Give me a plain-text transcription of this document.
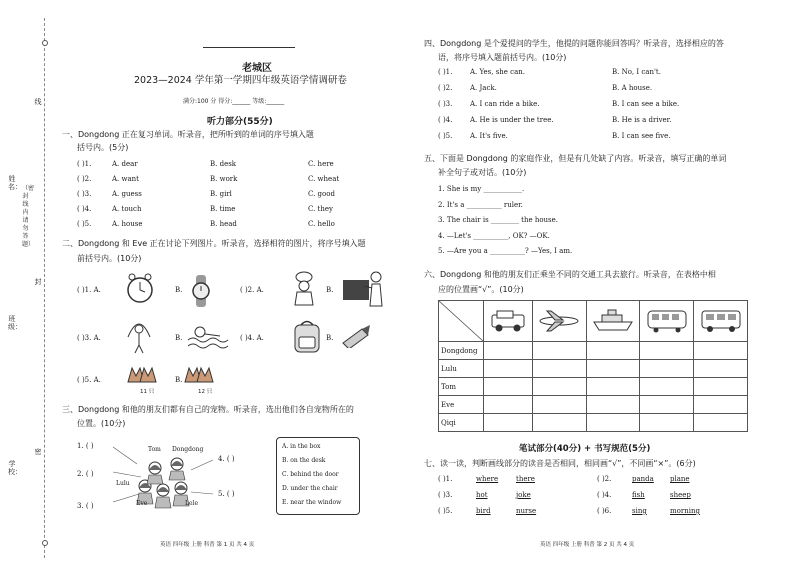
姓名：
班级：
学校：
（密封线内请勿答题）
线
封
密
老城区
2023—2024 学年第一学期四年级英语学情调研卷
满分:100 分 得分:______ 等级:______
听力部分(55分)
一、Dongdong 正在复习单词。听录音，把所听到的单词的序号填入题
括号内。(5分)
二、Dongdong 和 Eve 正在讨论下列图片。听录音，选择相符的图片，将序号填入题
前括号内。(10分)
( )1. A.	B.	( )2. A.	B.
( )3. A.	B.	( )4. A.	B.
( )5. A.
11 只
B.
12 只
三、Dongdong 和他的朋友们都有自己的宠物。听录音，选出他们各自宠物所在的
位置。(10分)
1. ( )
2. ( )
3. ( )
4. ( )
5. ( )
Tom Dongdong
Lulu
Eve	Lele
A. in the box
B. on the desk
C. behind the door
D. under the chair
E. near the window
英语 四年级 上册 科普 第 1 页 共 4 页
四、Dongdong 是个爱提问的学生，他提的问题你能回答吗？听录音，选择相应的答
语，将序号填入题前括号内。(10分)
五、下面是 Dongdong 的家庭作业，但是有几处缺了内容。听录音，填写正确的单词
补全句子或对话。(10分)
六、Dongdong 和他的朋友们正乘坐不同的交通工具去旅行。听录音，在表格中相
应的位置画“√”。(10分)

Dongdong					
Lulu					
Tom					
Eve					
Qiqi					
笔试部分(40分) + 书写规范(5分)
七、读一读，判断画线部分的读音是否相同，相同画“√”，不同画“×”。(6分)
英语 四年级 上册 科普 第 2 页 共 4 页
( )1.	A. dear	B. desk	C. here
( )2.	A. want	B. work	C. wheat
( )3.	A. guess	B. girl	C. good
( )4.	A. touch	B. time	C. they
( )5.	A. house	B. head	C. hello
( )1.	A. Yes, she can.	B. No, I can't.
( )2.	A. Jack.	B. A house.
( )3.	A. I can ride a bike.	B. I can see a bike.
( )4.	A. He is under the tree.	B. He is a driver.
( )5.	A. It's five.	B. I can see five.
1. She is my ___________.
2. It's a __________ ruler.
3. The chair is ________ the house.
4. —Let's __________, OK? —OK.
5. —Are you a __________? —Yes, I am.
( )1.	where	there	( )2.	panda plane
( )3.	hot	joke	( )4.	fish	sheep
( )5.	bird	nurse	( )6.	sing	morning
